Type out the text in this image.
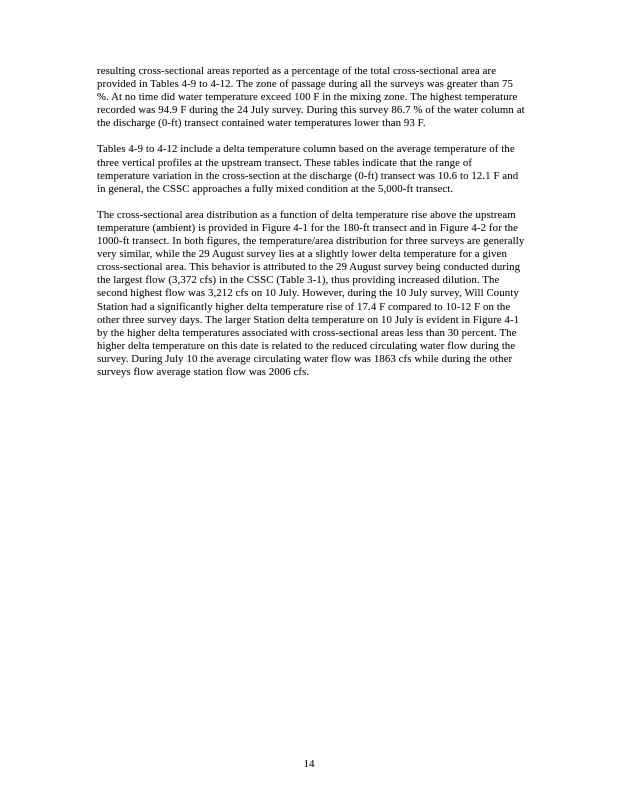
resulting cross-sectional areas reported as a percentage of the total cross-sectional area are provided in Tables 4-9 to 4-12. The zone of passage during all the surveys was greater than 75 %. At no time did water temperature exceed 100 F in the mixing zone. The highest temperature recorded was 94.9 F during the 24 July survey. During this survey 86.7 % of the water column at the discharge (0-ft) transect contained water temperatures lower than 93 F.

Tables 4-9 to 4-12 include a delta temperature column based on the average temperature of the three vertical profiles at the upstream transect. These tables indicate that the range of temperature variation in the cross-section at the discharge (0-ft) transect was 10.6 to 12.1 F and in general, the CSSC approaches a fully mixed condition at the 5,000-ft transect.

The cross-sectional area distribution as a function of delta temperature rise above the upstream temperature (ambient) is provided in Figure 4-1 for the 180-ft transect and in Figure 4-2 for the 1000-ft transect. In both figures, the temperature/area distribution for three surveys are generally very similar, while the 29 August survey lies at a slightly lower delta temperature for a given cross-sectional area. This behavior is attributed to the 29 August survey being conducted during the largest flow (3,372 cfs) in the CSSC (Table 3-1), thus providing increased dilution. The second highest flow was 3,212 cfs on 10 July. However, during the 10 July survey, Will County Station had a significantly higher delta temperature rise of 17.4 F compared to 10-12 F on the other three survey days. The larger Station delta temperature on 10 July is evident in Figure 4-1 by the higher delta temperatures associated with cross-sectional areas less than 30 percent. The higher delta temperature on this date is related to the reduced circulating water flow during the survey. During July 10 the average circulating water flow was 1863 cfs while during the other surveys flow average station flow was 2006 cfs.

14
